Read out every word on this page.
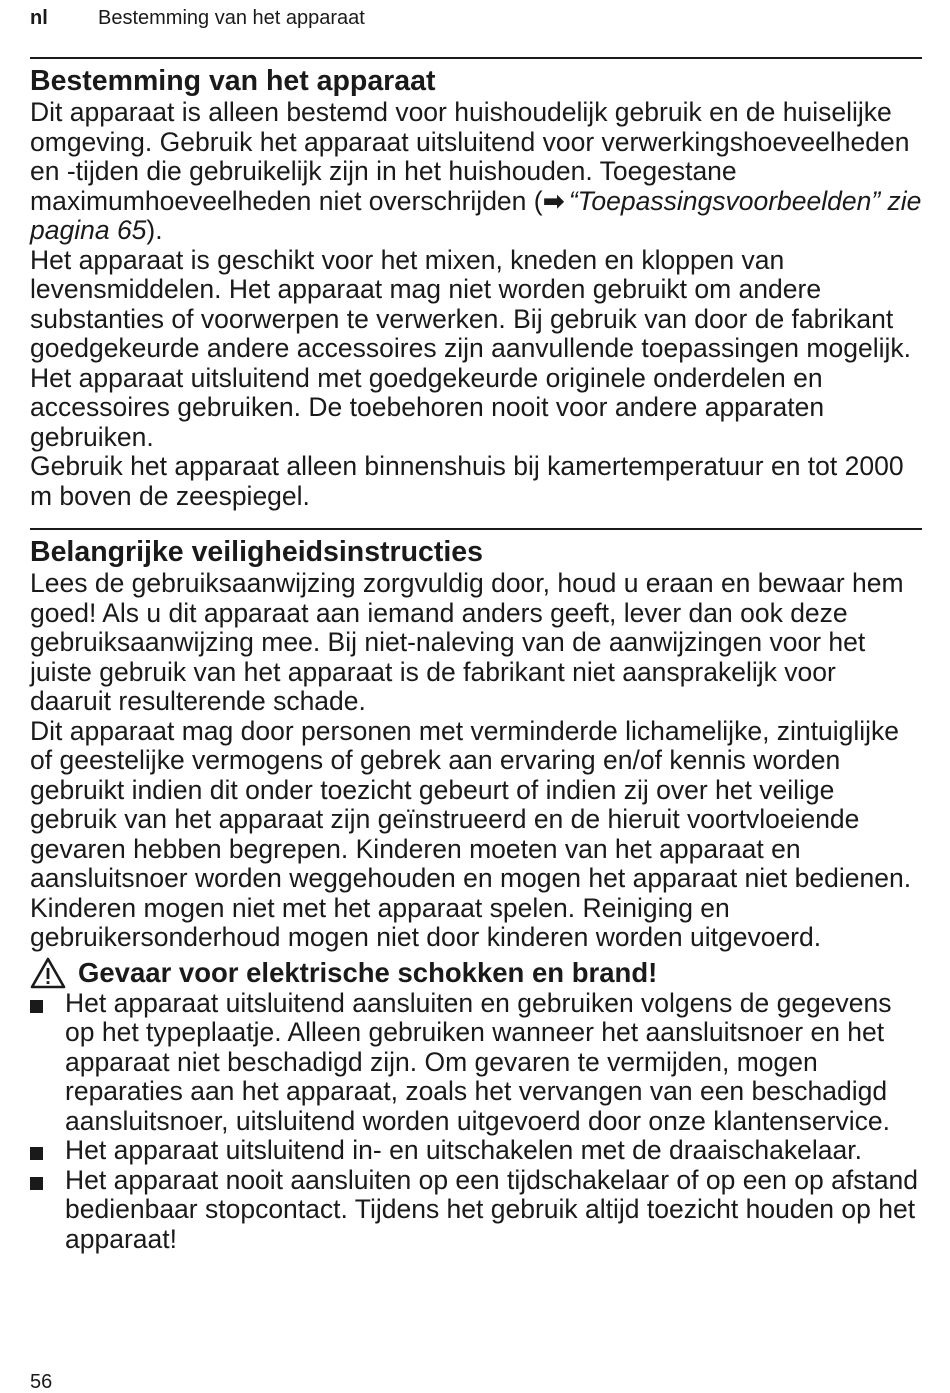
nl	Bestemming van het apparaat
Bestemming van het apparaat

Dit apparaat is alleen bestemd voor huishoudelijk gebruik en de huiselijke omgeving. Gebruik het apparaat uitsluitend voor verwerkingshoeveelheden en -tijden die gebruikelijk zijn in het huishouden. Toegestane maximumhoeveelheden niet overschrijden (➡ “Toepassingsvoorbeelden” zie pagina 65).

Het apparaat is geschikt voor het mixen, kneden en kloppen van levensmiddelen. Het apparaat mag niet worden gebruikt om andere substanties of voorwerpen te verwerken. Bij gebruik van door de fabrikant goedgekeurde andere accessoires zijn aanvullende toepassingen mogelijk. Het apparaat uitsluitend met goedgekeurde originele onderdelen en accessoires gebruiken. De toebehoren nooit voor andere apparaten gebruiken.

Gebruik het apparaat alleen binnenshuis bij kamertemperatuur en tot 2000 m boven de zeespiegel.

Belangrijke veiligheidsinstructies

Lees de gebruiksaanwijzing zorgvuldig door, houd u eraan en bewaar hem goed! Als u dit apparaat aan iemand anders geeft, lever dan ook deze gebruiksaanwijzing mee. Bij niet-naleving van de aanwijzingen voor het juiste gebruik van het apparaat is de fabrikant niet aansprakelijk voor daaruit resulterende schade.

Dit apparaat mag door personen met verminderde lichamelijke, zintuiglijke of geestelijke vermogens of gebrek aan ervaring en/of kennis worden gebruikt indien dit onder toezicht gebeurt of indien zij over het veilige gebruik van het apparaat zijn geïnstrueerd en de hieruit voortvloeiende gevaren hebben begrepen. Kinderen moeten van het apparaat en aansluitsnoer worden weggehouden en mogen het apparaat niet bedienen. Kinderen mogen niet met het apparaat spelen. Reiniging en gebruikersonderhoud mogen niet door kinderen worden uitgevoerd.

Gevaar voor elektrische schokken en brand!
Het apparaat uitsluitend aansluiten en gebruiken volgens de gegevens op het typeplaatje. Alleen gebruiken wanneer het aansluitsnoer en het apparaat niet beschadigd zijn. Om gevaren te vermijden, mogen reparaties aan het apparaat, zoals het vervangen van een beschadigd aansluitsnoer, uitsluitend worden uitgevoerd door onze klantenservice.
Het apparaat uitsluitend in- en uitschakelen met de draaischakelaar.
Het apparaat nooit aansluiten op een tijdschakelaar of op een op afstand bedienbaar stopcontact. Tijdens het gebruik altijd toezicht houden op het apparaat!
56
